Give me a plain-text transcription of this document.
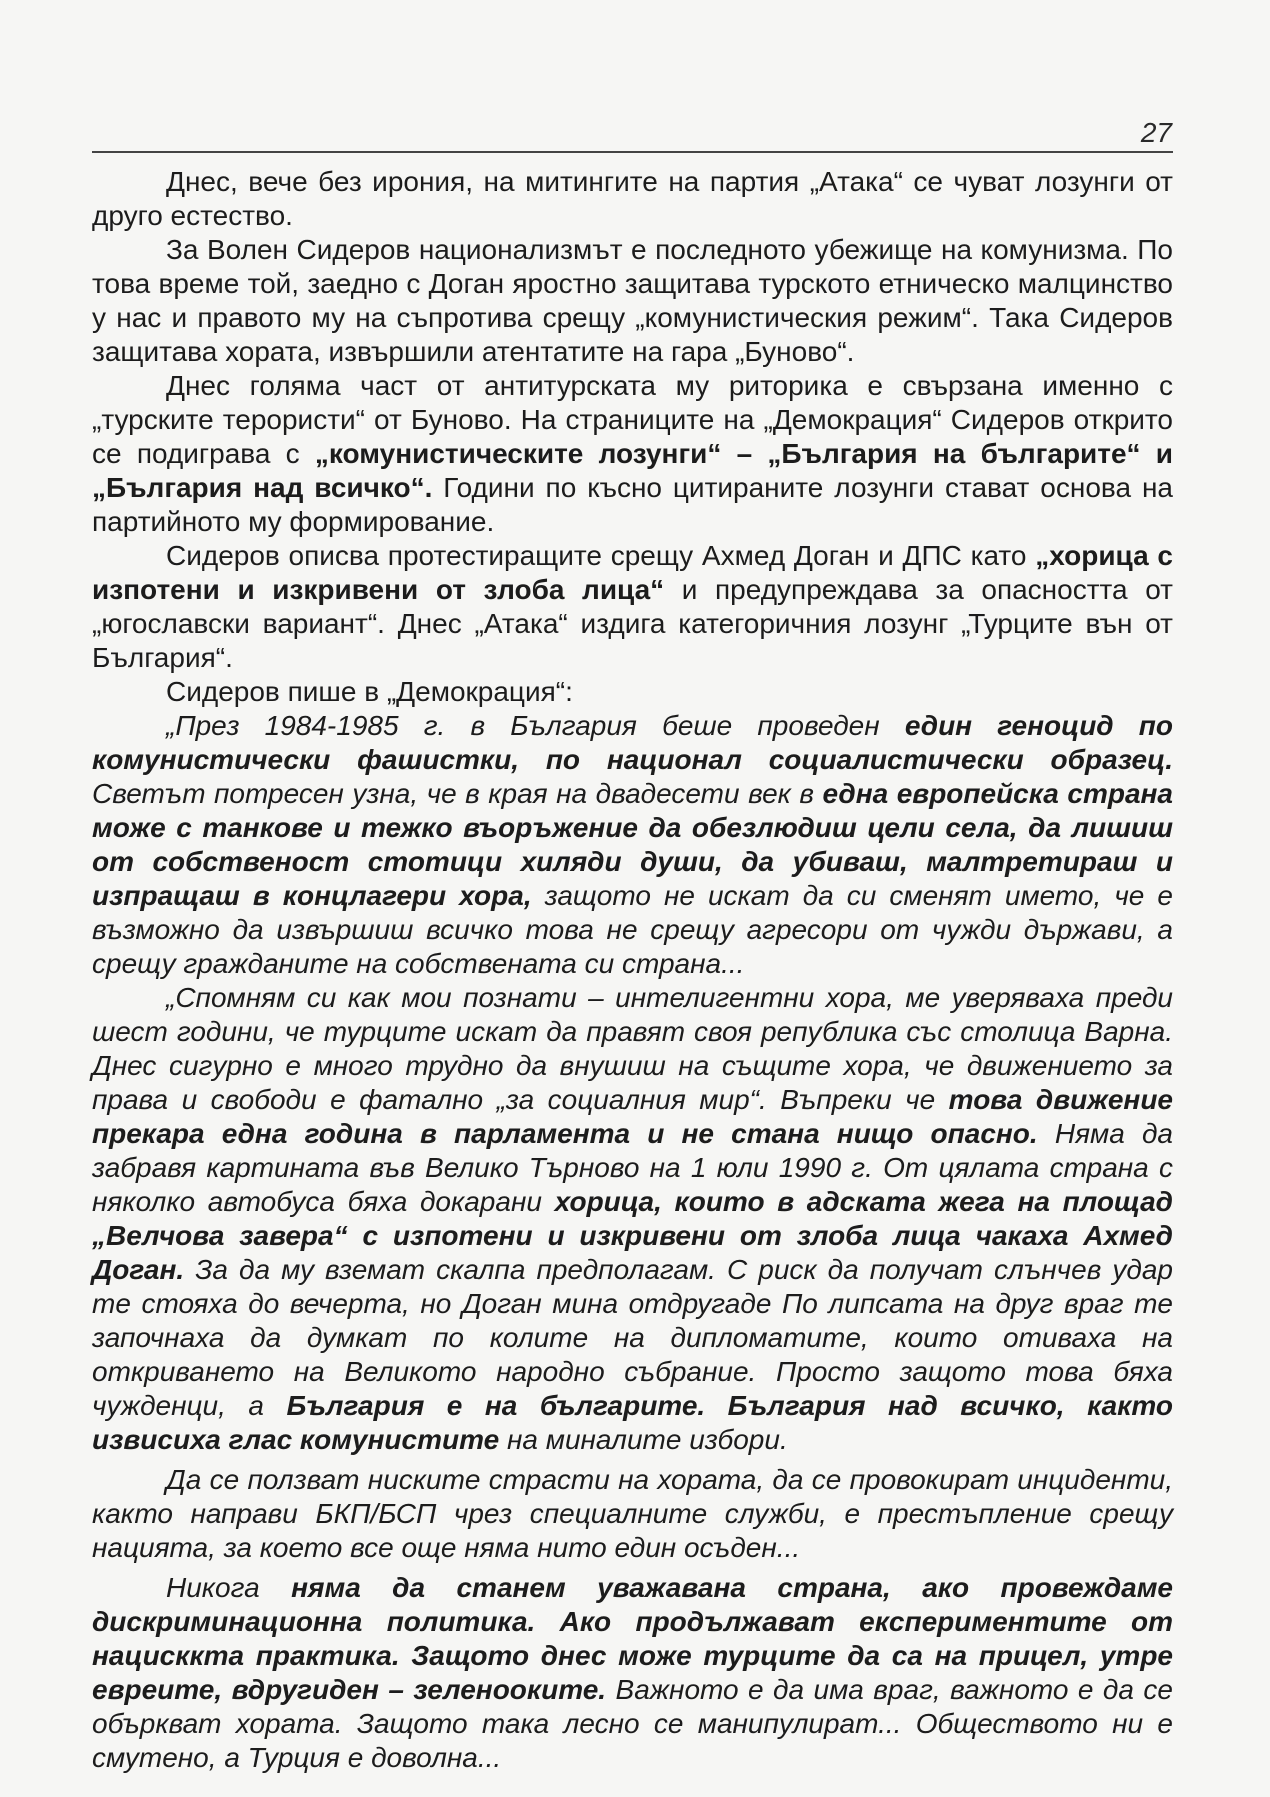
27

Днес, вече без ирония, на митингите на партия „Атака“ се чуват лозунги от друго естество.

За Волен Сидеров национализмът е последното убежище на комунизма. По това време той, заедно с Доган яростно защитава турското етническо малцинство у нас и правото му на съпротива срещу „комунистическия режим“. Така Сидеров защитава хората, извършили атентатите на гара „Буново“.

Днес голяма част от антитурската му риторика е свързана именно с „турските терористи“ от Буново. На страниците на „Демокрация“ Сидеров открито се подиграва с „комунистическите лозунги“ – „България на българите“ и „България над всичко“. Години по късно цитираните лозунги стават основа на партийното му формирование.

Сидеров описва протестиращите срещу Ахмед Доган и ДПС като „хорица с изпотени и изкривени от злоба лица“ и предупреждава за опасността от „югославски вариант“. Днес „Атака“ издига категоричния лозунг „Турците вън от България“.

Сидеров пише в „Демокрация“:

„През 1984-1985 г. в България беше проведен един геноцид по комунистически фашистки, по национал социалистически образец. Светът потресен узна, че в края на двадесети век в една европейска страна може с танкове и тежко въоръжение да обезлюдиш цели села, да лишиш от собственост стотици хиляди души, да убиваш, малтретираш и изпращаш в концлагери хора, защото не искат да си сменят името, че е възможно да извършиш всичко това не срещу агресори от чужди държави, а срещу гражданите на собствената си страна...

„Спомням си как мои познати – интелигентни хора, ме уверяваха преди шест години, че турците искат да правят своя република със столица Варна. Днес сигурно е много трудно да внушиш на същите хора, че движението за права и свободи е фатално „за социалния мир“. Въпреки че това движение прекара една година в парламента и не стана нищо опасно. Няма да забравя картината във Велико Търново на 1 юли 1990 г. От цялата страна с няколко автобуса бяха докарани хорица, които в адската жега на площад „Велчова завера“ с изпотени и изкривени от злоба лица чакаха Ахмед Доган. За да му вземат скалпа предполагам. С риск да получат слънчев удар те стояха до вечерта, но Доган мина отдругаде По липсата на друг враг те започнаха да думкат по колите на дипломатите, които отиваха на откриването на Великото народно събрание. Просто защото това бяха чужденци, а България е на българите. България над всичко, както извисиха глас комунистите на миналите избори.

Да се ползват ниските страсти на хората, да се провокират инциденти, както направи БКП/БСП чрез специалните служби, е престъпление срещу нацията, за което все още няма нито един осъден...

Никога няма да станем уважавана страна, ако провеждаме дискриминационна политика. Ако продължават експериментите от нацисккта практика. Защото днес може турците да са на прицел, утре евреите, вдругиден – зеленооките. Важното е да има враг, важното е да се объркват хората. Защото така лесно се манипулират... Обществото ни е смутено, а Турция е доволна...
